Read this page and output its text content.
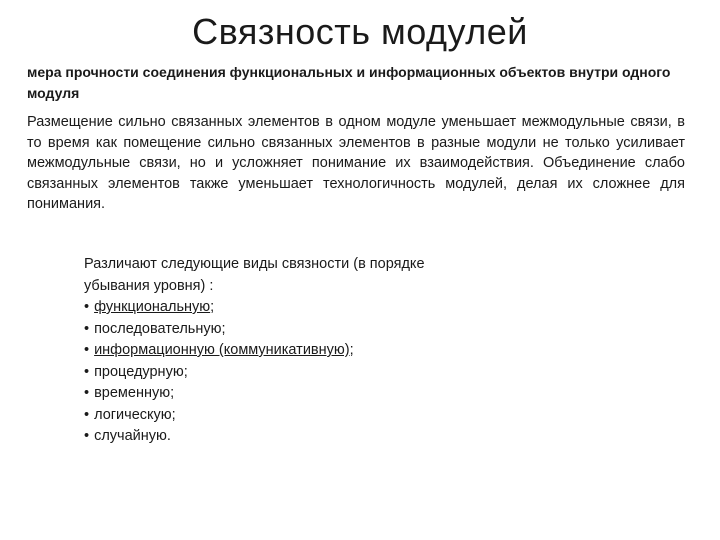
Связность модулей

мера прочности соединения функциональных и информационных объектов внутри одного модуля

Размещение сильно связанных элементов в одном модуле уменьшает межмодульные связи, в то время как помещение сильно связанных элементов в разные модули не только усиливает межмодульные связи, но и усложняет понимание их взаимодействия. Объединение слабо связанных элементов также уменьшает технологичность модулей, делая их сложнее для понимания.

Различают следующие виды связности (в порядке убывания уровня) :

• функциональную;
• последовательную;
• информационную (коммуникативную);
• процедурную;
• временную;
• логическую;
• случайную.
